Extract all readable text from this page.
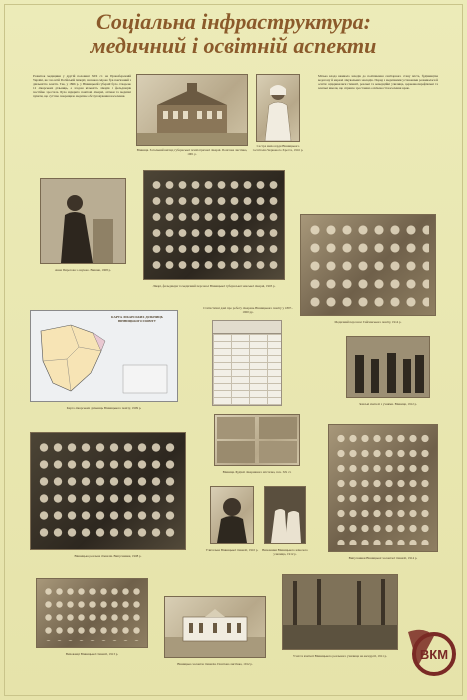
Соціальна інфраструктура:
медичний і освітній аспекти
Розвиток медицини у другій половині XIX ст. на Правобережній Україні, як і на всій Російській імперії, значною мірою був пов'язаний з діяльністю земств. Так, у 1866 р. у Вінницькій губернії було створено 12 лікарських дільниць, а згодом кількість лікарів і фельдшерів постійно зростала. Було відкрито повітові лікарні, аптеки та медичні пункти, що суттєво покращило медичне обслуговування населення.
Вінниця. Загальний вигляд губернської психіатричної лікарні. Поштова листівка, 1901 р.
Сестра милосердя Вінницького госпіталю Червоного Хреста, 1916 р.
Міська влада вживала заходів до поліпшення санітарного стану міста, будівництва водогону й мережі лікувальних закладів. Поряд з медичними установами розвивалася й освіта: відкривалися гімназії, реальні та комерційні училища, церковнопарафіяльні та земські школи, що сприяло зростанню освіченості населення краю.
Анна Пирогова з онукою. Вишня, 1908 р.
Лікарі, фельдшери та медичний персонал Вінницької губернської земської лікарні, 1903 р.
Медичний персонал Гайсинського повіту, 1914 р.
КАРТА ЛІКАРСЬКИХ ДІЛЬНИЦЬ ВІННИЦЬКОГО ПОВІТУ
Карта лікарських дільниць Вінницького повіту, 1909 р.
Статистичні дані про роботу лікарень Вінницького повіту у 1897–1900 рр.
Вінниця. Будівлі лікарняного містечка, поч. ХХ ст.
Земські вчителі з учнями. Вінниця, 1912 р.
Вінницька реальна гімназія. Випускники, 1908 р.
Учителька Вінницької гімназії, 1910 р.	Вихованки Вінницького жіночого училища, 1912 р.
Випускники Вінницької чоловічої гімназії, 1914 р.
Вихованці Вінницької гімназії, 1913 р.
Вінницька чоловіча гімназія. Поштова листівка, 1912 р.
Учні та вчителі Вінницького реального училища на екскурсії, 1911 р.	ВКМ
